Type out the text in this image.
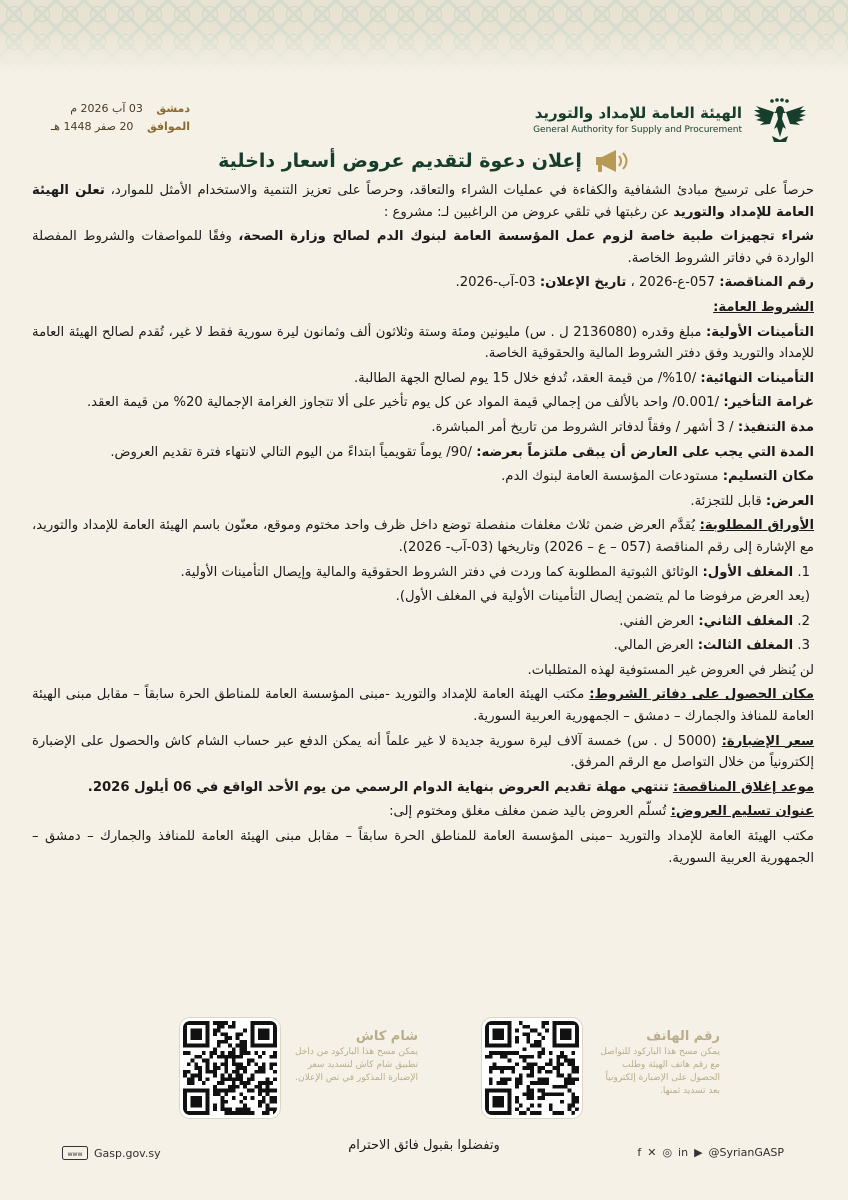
الهيئة العامة للإمداد والتوريد
General Authority for Supply and Procurement
دمشق 03 آب 2026 م
الموافق 20 صفر 1448 هـ
إعلان دعوة لتقديم عروض أسعار داخلية

حرصاً على ترسيخ مبادئ الشفافية والكفاءة في عمليات الشراء والتعاقد، وحرصاً على تعزيز التنمية والاستخدام الأمثل للموارد، تعلن الهيئة العامة للإمداد والتوريد عن رغبتها في تلقي عروض من الراغبين لـ: مشروع :

شراء تجهيزات طبية خاصة لزوم عمل المؤسسة العامة لبنوك الدم لصالح وزارة الصحة، وفقًا للمواصفات والشروط المفصلة الواردة في دفاتر الشروط الخاصة.

رقم المناقصة: 057-ع-2026 ، تاريخ الإعلان: 03-آب-2026.

الشروط العامة:

التأمينات الأولية: مبلغ وقدره (2136080 ل . س) مليونين ومئة وستة وثلاثون ألف وثمانون ليرة سورية فقط لا غير، تُقدم لصالح الهيئة العامة للإمداد والتوريد وفق دفتر الشروط المالية والحقوقية الخاصة.

التأمينات النهائية: /10%/ من قيمة العقد، تُدفع خلال 15 يوم لصالح الجهة الطالبة.

غرامة التأخير: /0.001/ واحد بالألف من إجمالي قيمة المواد عن كل يوم تأخير على ألا تتجاوز الغرامة الإجمالية 20% من قيمة العقد.

مدة التنفيذ: / 3 أشهر / وفقاً لدفاتر الشروط من تاريخ أمر المباشرة.

المدة التي يجب على العارض أن يبقى ملتزماً بعرضه: /90/ يوماً تقويمياً ابتداءً من اليوم التالي لانتهاء فترة تقديم العروض.

مكان التسليم: مستودعات المؤسسة العامة لبنوك الدم.

العرض: قابل للتجزئة.

الأوراق المطلوبة: يُقدَّم العرض ضمن ثلاث مغلفات منفصلة توضع داخل ظرف واحد مختوم وموقع، معنّون باسم الهيئة العامة للإمداد والتوريد، مع الإشارة إلى رقم المناقصة (057 – ع – 2026) وتاريخها (03-آب- 2026).

1. المغلف الأول: الوثائق الثبوتية المطلوبة كما وردت في دفتر الشروط الحقوقية والمالية وإيصال التأمينات الأولية.

(يعد العرض مرفوضا ما لم يتضمن إيصال التأمينات الأولية في المغلف الأول).

2. المغلف الثاني: العرض الفني.

3. المغلف الثالث: العرض المالي.

لن يُنظر في العروض غير المستوفية لهذه المتطلبات.

مكان الحصول على دفاتر الشروط: مكتب الهيئة العامة للإمداد والتوريد -مبنى المؤسسة العامة للمناطق الحرة سابقاً – مقابل مبنى الهيئة العامة للمنافذ والجمارك – دمشق – الجمهورية العربية السورية.

سعر الإضبارة: (5000 ل . س) خمسة آلاف ليرة سورية جديدة لا غير علماً أنه يمكن الدفع عبر حساب الشام كاش والحصول على الإضبارة إلكترونياً من خلال التواصل مع الرقم المرفق.

موعد إغلاق المناقصة: تنتهي مهلة تقديم العروض بنهاية الدوام الرسمي من يوم الأحد الواقع في 06 أيلول 2026.

عنوان تسليم العروض: تُسلّم العروض باليد ضمن مغلف مغلق ومختوم إلى:

مكتب الهيئة العامة للإمداد والتوريد –مبنى المؤسسة العامة للمناطق الحرة سابقاً – مقابل مبنى الهيئة العامة للمنافذ والجمارك – دمشق – الجمهورية العربية السورية.

رقم الهاتف
يمكن مسح هذا الباركود للتواصل مع رقم هاتف الهيئة وطلب الحصول على الإضبارة إلكترونياً بعد تسديد ثمنها.
شام كاش
يمكن مسح هذا الباركود من داخل تطبيق شام كاش لتسديد سعر الإضبارة المذكور في نص الإعلان.
وتفضلوا بقبول فائق الاحترام	f ✕ ◎ in ▶ @SyrianGASP
www Gasp.gov.sy
